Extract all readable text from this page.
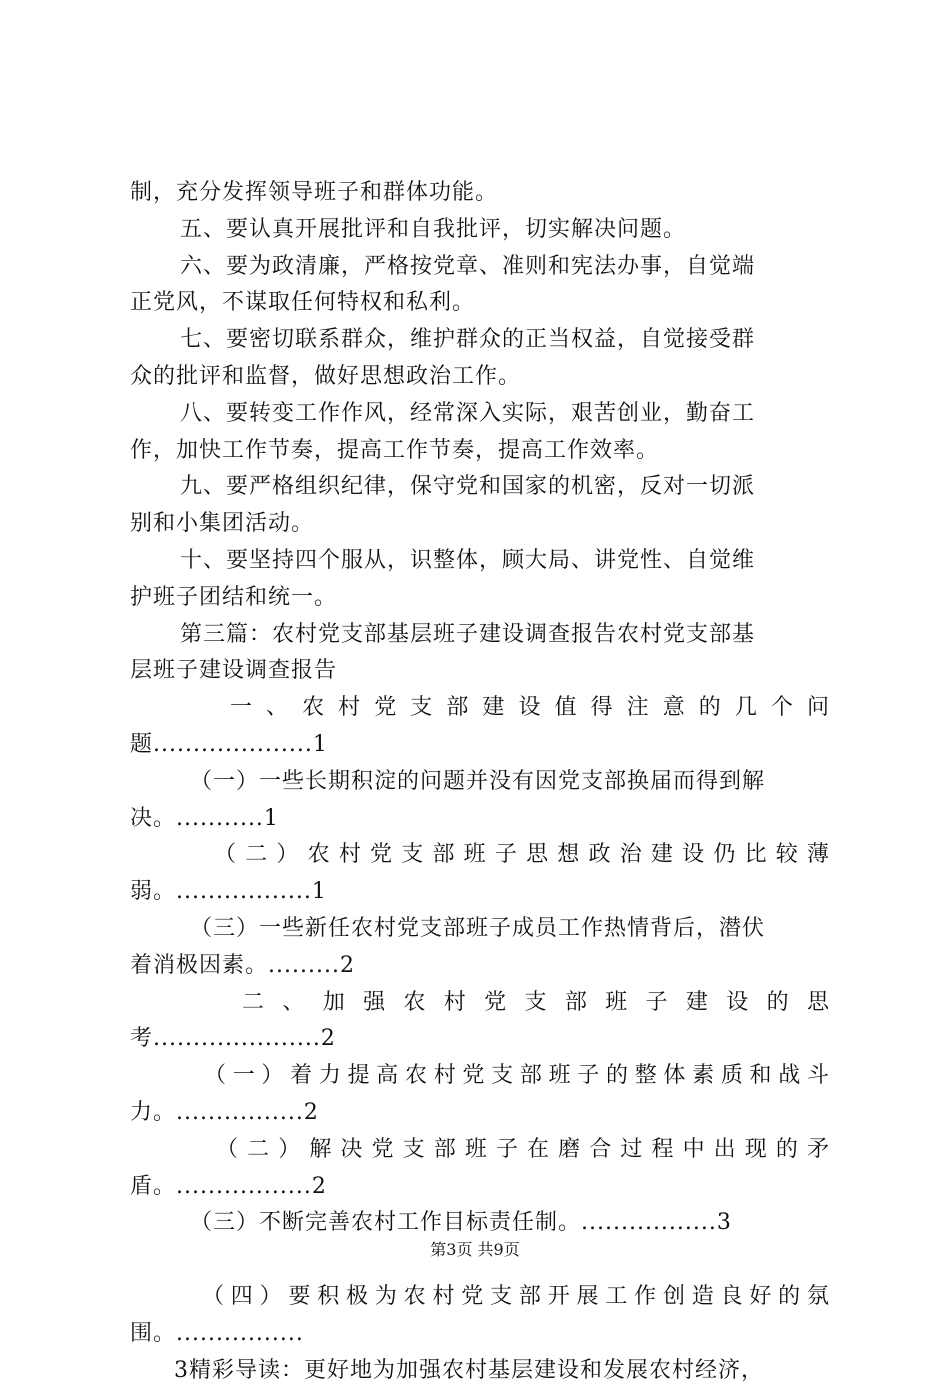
制，充分发挥领导班子和群体功能。
五、要认真开展批评和自我批评，切实解决问题。
六、要为政清廉，严格按党章、准则和宪法办事，自觉端
正党风，不谋取任何特权和私利。
七、要密切联系群众，维护群众的正当权益，自觉接受群
众的批评和监督，做好思想政治工作。
八、要转变工作作风，经常深入实际，艰苦创业，勤奋工
作，加快工作节奏，提高工作节奏，提高工作效率。
九、要严格组织纪律，保守党和国家的机密，反对一切派
别和小集团活动。
十、要坚持四个服从，识整体，顾大局、讲党性、自觉维
护班子团结和统一。
第三篇：农村党支部基层班子建设调查报告农村党支部基
层班子建设调查报告
一、农村党支部建设值得注意的几个问
题....................1
（一）一些长期积淀的问题并没有因党支部换届而得到解
决。...........1
（二）农村党支部班子思想政治建设仍比较薄
弱。.................1
（三）一些新任农村党支部班子成员工作热情背后，潜伏
着消极因素。.........2
二、加强农村党支部班子建设的思
考.....................2
（一）着力提高农村党支部班子的整体素质和战斗
力。................2
（二）解决党支部班子在磨合过程中出现的矛
盾。.................2
（三）不断完善农村工作目标责任制。.................3
（四）要积极为农村党支部开展工作创造良好的氛
围。................
3精彩导读：更好地为加强农村基层建设和发展农村经济，
第3页 共9页
